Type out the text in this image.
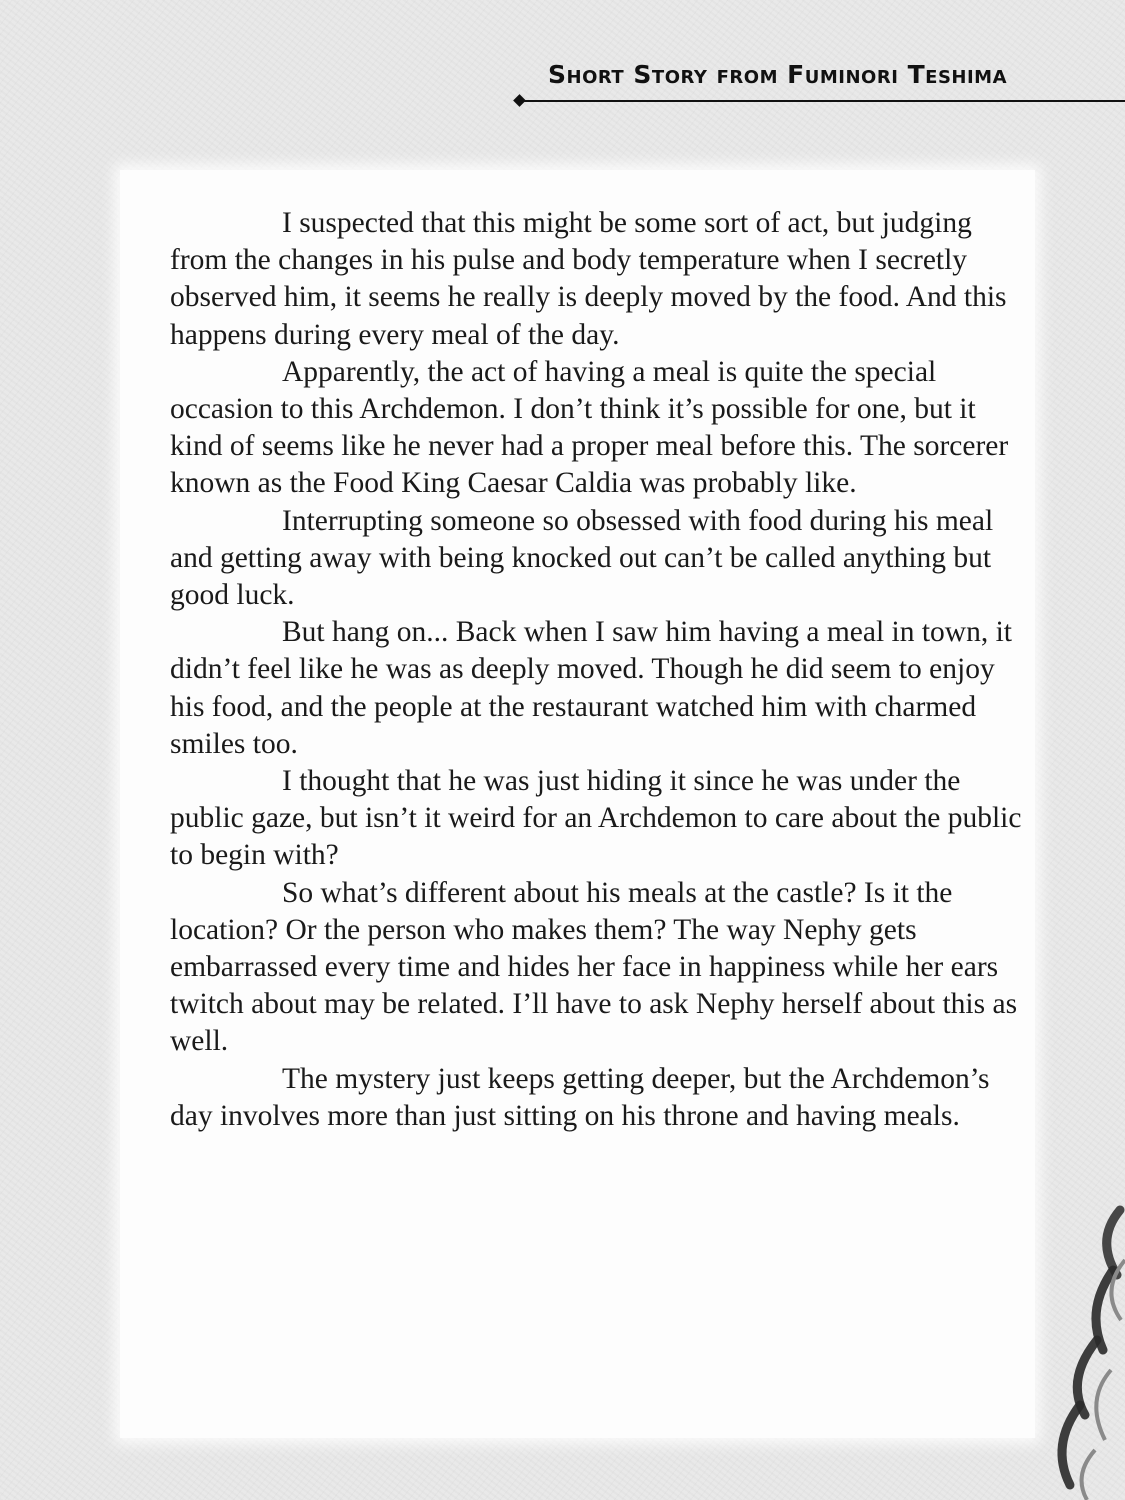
Short Story from Fuminori Teshima

I suspected that this might be some sort of act, but judging from the changes in his pulse and body temperature when I secretly observed him, it seems he really is deeply moved by the food. And this happens during every meal of the day.

Apparently, the act of having a meal is quite the special occasion to this Archdemon. I don’t think it’s possible for one, but it kind of seems like he never had a proper meal before this. The sorcerer known as the Food King Caesar Caldia was probably like.

Interrupting someone so obsessed with food during his meal and getting away with being knocked out can’t be called anything but good luck.

But hang on... Back when I saw him having a meal in town, it didn’t feel like he was as deeply moved. Though he did seem to enjoy his food, and the people at the restaurant watched him with charmed smiles too.

I thought that he was just hiding it since he was under the public gaze, but isn’t it weird for an Archdemon to care about the public to begin with?

So what’s different about his meals at the castle? Is it the location? Or the person who makes them? The way Nephy gets embarrassed every time and hides her face in happiness while her ears twitch about may be related. I’ll have to ask Nephy herself about this as well.

The mystery just keeps getting deeper, but the Archdemon’s day involves more than just sitting on his throne and having meals.
